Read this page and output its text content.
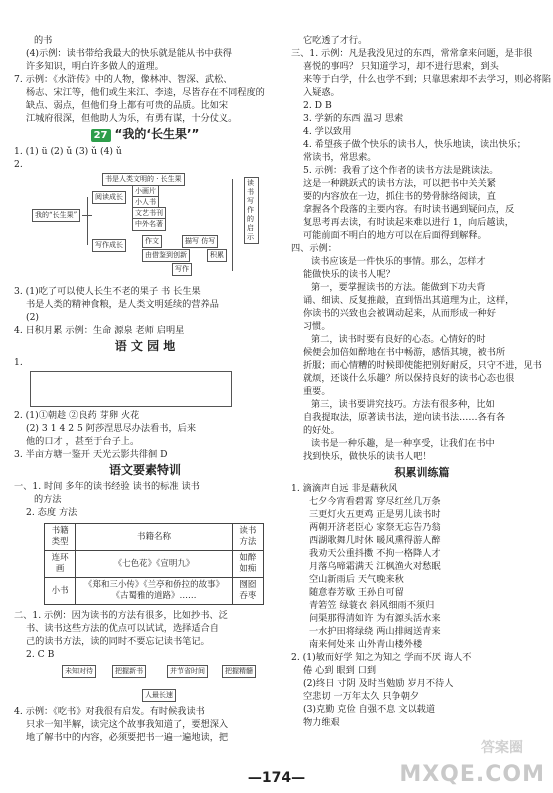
的书

(4)示例：读书带给我最大的快乐就是能从书中获得

许多知识，明白许多做人的道理。

7. 示例：《水浒传》中的人物，像林冲、智深、武松、

杨志、宋江等，他们或生来江、李逵，尽皆存在不同程度的

缺点、弱点，但他们身上都有可贵的品质。比如宋

江城府很深，但他助人为乐，有勇有谋，十分仗义。

27 “我的‘长生果’”

1. (1) ü (2) ǔ (3) ǔ (4) ǔ

2.

书是人类文明的 · 长生果
我的“长生果”
阅读成长
小画片
小人书
文艺书刊
中外名著
写作成长	作文	描写 仿写
由借鉴到创新	积累
写作
读书写作的启示

3. (1)吃了可以使人长生不老的果子 书 长生果

书是人类的精神食粮，是人类文明延续的营养品

(2)

4. 日积月累 示例：生命 源泉 老师 启明星

语 文 园 地

1.

2. (1)①朝趁 ②良药 芽卵 火花

(2) 3 1 4 2 5 阿莎涅思尽办法看书，后来

他的口才 ，甚至于台子上。

3. 半亩方塘一鉴开 天光云影共徘徊 D

语文要素特训

一、1. 时间 多年的读书经验 读书的标准 读书

的方法

2. 态度 方法

书籍类型	书籍名称	读书方法
连环画	《七色花》《宣明九》	如醉如痴
小书	《郑和三小传》《兰亭和侨拉的故事》《古蜀雅的道路》……	囫囵吞枣

二、1. 示例：因为读书的方法有很多，比如抄书、泛

书、读书这些方法的优点可以试试，选择适合自

己的读书方法，读的同时不要忘记读书笔记。

2. C B

未知对待	把握新书	并节省时间	把握精髓
人最长速

4. 示例：《吃书》对我很有启发。有时候我读书

只求一知半解，读完这个故事我知道了，要想深入

地了解书中的内容，必须要把书一遍一遍地读，把

它吃透了才行。

三、1. 示例：凡是我没见过的东西，常常拿来问题，是非很

喜悦的事吗？ 只知道学习，却不进行思索，到头

来等于白学，什么也学不到；只靠思索却不去学习，则必将陷入疑惑。

2. D B

3. 学新的东西 温习 思索

4. 学以致用

4. 希望孩子做个快乐的读书人，快乐地读，读出快乐；

常读书，常思索。

5. 示例：我看了这个作者的读书方法是跳读法。

这是一种跳跃式的读书方法，可以把书中关关紧

要的内容放在一边，抓住书的势骨脉络阅读，直

拿握各个段落的主要内容。有时读书遇到疑问点，反

复思考再去读，有时读起来难以进行 1，向后越读，

可能前面不明白的地方可以在后面得到解释。

四、示例：

读书应该是一件快乐的事情。那么，怎样才

能做快乐的读书人呢？

第一，要掌握读书的方法。能做到下功夫背

诵、细读、反复推敲，直到悟出其道理为止，这样，

你读书的兴致也会被调动起来，从而形成一种好

习惯。

第二，读书时要有良好的心态。心情好的时

候便会加倍如醉地在书中畅游，感悟其境，被书所

折服；而心情糟的时候即使能把别好耐反，只守不进，见书

就烦，还谈什么乐趣？所以保持良好的读书心态也很

重要。

第三，读书要讲究技巧。方法有很多种，比如

自我提取法，原著读书法，逆向读书法……各有各

的好处。

读书是一种乐趣，是一种享受，让我们在书中

找到快乐，做快乐的读书人吧！

积累训练篇

1. 滴滴声自远 非是藉秋风

七夕今宵看碧霄 穿尽红丝几万条

三更灯火五更鸡 正是男儿读书时

两朝开济老臣心 家祭无忘告乃翁

西湖歌舞几时休 暖风熏得游人醉

我劝天公重抖擞 不拘一格降人才

月落乌啼霜满天 江枫渔火对愁眠

空山新雨后 天气晚来秋

随意春芳歇 王孙自可留

青箬笠 绿蓑衣 斜风细雨不须归

问渠那得清如许 为有源头活水来

一水护田将绿绕 两山排闼送青来

南来何处来 山外青山楼外楼

2. (1)敏而好学 知之为知之 学而不厌 诲人不

倦 心到 眼到 口到

(2)终日 寸阴 及时当勉励 岁月不待人

空悲切 一万年太久 只争朝夕

(3)克勤 克俭 自强不息 文以载道

物力维艰

—174—
答案圈
MXQE.COM
